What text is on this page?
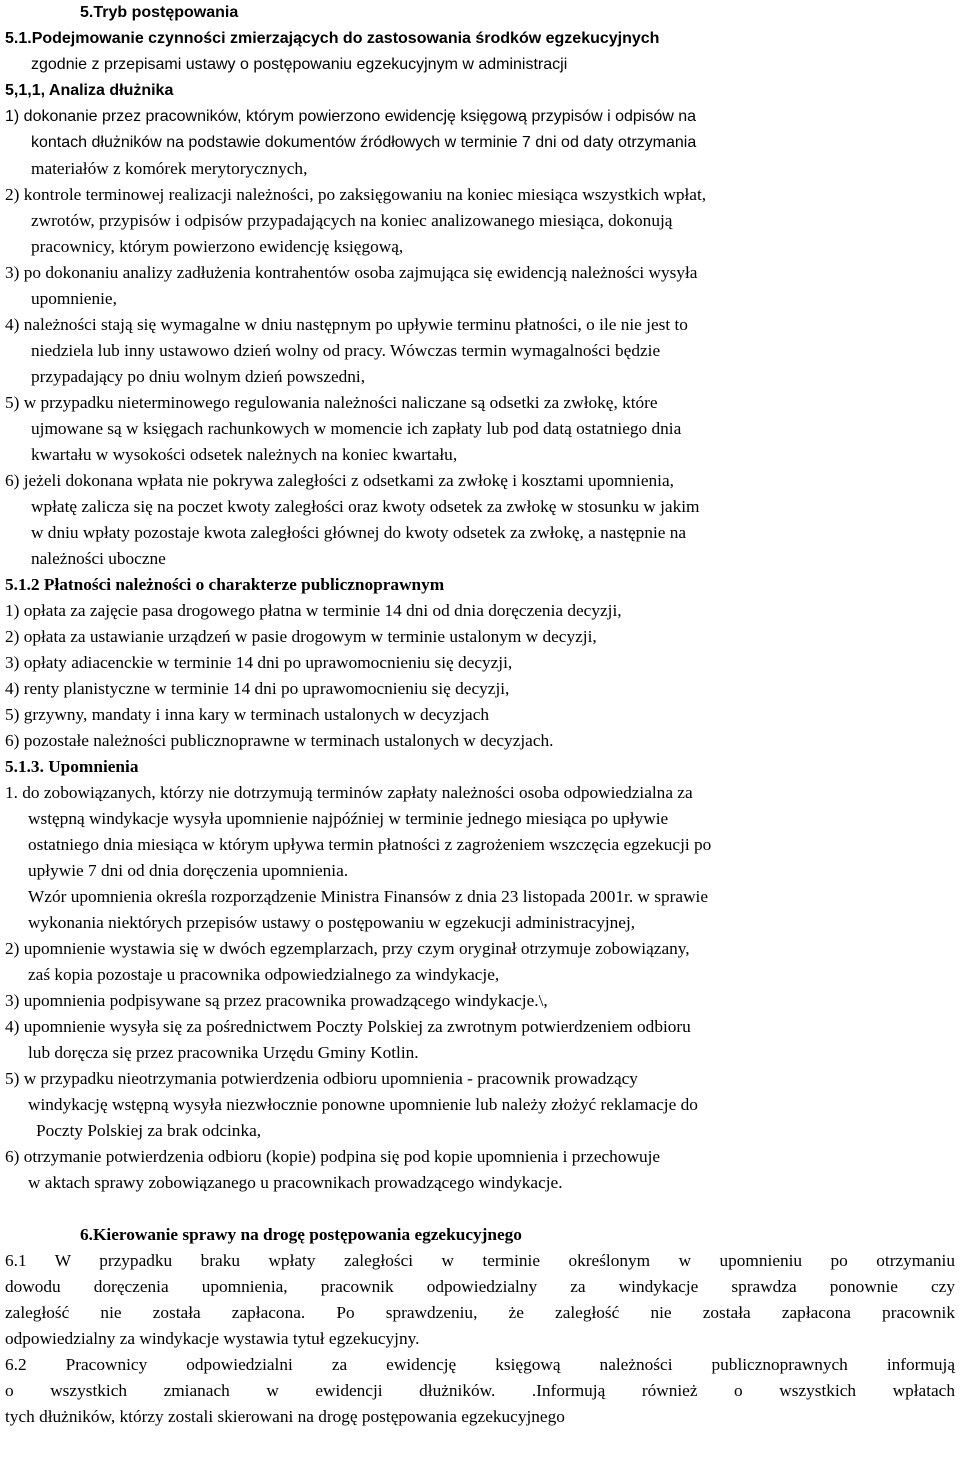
5.Tryb postępowania

5.1.Podejmowanie czynności zmierzających do zastosowania środków egzekucyjnych

zgodnie z przepisami ustawy o postępowaniu egzekucyjnym w administracji

5,1,1, Analiza dłużnika

1) dokonanie przez pracowników, którym powierzono ewidencję księgową przypisów i odpisów na

kontach dłużników na podstawie dokumentów źródłowych w terminie 7 dni od daty otrzymania

materiałów z komórek merytorycznych,

2) kontrole terminowej realizacji należności, po zaksięgowaniu na koniec miesiąca wszystkich wpłat,

zwrotów, przypisów i odpisów przypadających na koniec analizowanego miesiąca, dokonują

pracownicy, którym powierzono ewidencję księgową,

3) po dokonaniu analizy zadłużenia kontrahentów osoba zajmująca się ewidencją należności wysyła

upomnienie,

4) należności stają się wymagalne w dniu następnym po upływie terminu płatności, o ile nie jest to

niedziela lub inny ustawowo dzień wolny od pracy. Wówczas termin wymagalności będzie

przypadający po dniu wolnym dzień powszedni,

5) w przypadku nieterminowego regulowania należności naliczane są odsetki za zwłokę, które

ujmowane są w księgach rachunkowych w momencie ich zapłaty lub pod datą ostatniego dnia

kwartału w wysokości odsetek należnych na koniec kwartału,

6) jeżeli dokonana wpłata nie pokrywa zaległości z odsetkami za zwłokę i kosztami upomnienia,

wpłatę zalicza się na poczet kwoty zaległości oraz kwoty odsetek za zwłokę w stosunku w jakim

w dniu wpłaty pozostaje kwota zaległości głównej do kwoty odsetek za zwłokę, a następnie na

należności uboczne

5.1.2 Płatności należności o charakterze publicznoprawnym

1) opłata za zajęcie pasa drogowego płatna w terminie 14 dni od dnia doręczenia decyzji,

2) opłata za ustawianie urządzeń w pasie drogowym w terminie ustalonym w decyzji,

3) opłaty adiacenckie w terminie 14 dni po uprawomocnieniu się decyzji,

4) renty planistyczne w terminie 14 dni po uprawomocnieniu się decyzji,

5) grzywny, mandaty i inna kary w terminach ustalonych w decyzjach

6) pozostałe należności publicznoprawne w terminach ustalonych w decyzjach.

5.1.3. Upomnienia

1. do zobowiązanych, którzy nie dotrzymują terminów zapłaty należności osoba odpowiedzialna za

wstępną windykacje wysyła upomnienie najpóźniej w terminie jednego miesiąca po upływie

ostatniego dnia miesiąca w którym upływa termin płatności z zagrożeniem wszczęcia egzekucji po

upływie 7 dni od dnia doręczenia upomnienia.

Wzór upomnienia określa rozporządzenie Ministra Finansów z dnia 23 listopada 2001r. w sprawie

wykonania niektórych przepisów ustawy o postępowaniu w egzekucji administracyjnej,

2) upomnienie wystawia się w dwóch egzemplarzach, przy czym oryginał otrzymuje zobowiązany,

zaś kopia pozostaje u pracownika odpowiedzialnego za windykacje,

3) upomnienia podpisywane są przez pracownika prowadzącego windykacje.\,

4) upomnienie wysyła się za pośrednictwem Poczty Polskiej za zwrotnym potwierdzeniem odbioru

lub doręcza się przez pracownika Urzędu Gminy Kotlin.

5) w przypadku nieotrzymania potwierdzenia odbioru upomnienia - pracownik prowadzący

windykację wstępną wysyła niezwłocznie ponowne upomnienie lub należy złożyć reklamacje do

Poczty Polskiej za brak odcinka,

6) otrzymanie potwierdzenia odbioru (kopie) podpina się pod kopie upomnienia i przechowuje

w aktach sprawy zobowiązanego u pracownikach prowadzącego windykacje.

6.Kierowanie sprawy na drogę postępowania egzekucyjnego

6.1 W przypadku braku wpłaty zaległości w terminie określonym w upomnieniu po otrzymaniu

dowodu doręczenia upomnienia, pracownik odpowiedzialny za windykacje sprawdza ponownie czy

zaległość nie została zapłacona. Po sprawdzeniu, że zaległość nie została zapłacona pracownik

odpowiedzialny za windykacje wystawia tytuł egzekucyjny.

6.2 Pracownicy odpowiedzialni za ewidencję księgową należności publicznoprawnych informują

o wszystkich zmianach w ewidencji dłużników. .Informują również o wszystkich wpłatach

tych dłużników, którzy zostali skierowani na drogę postępowania egzekucyjnego
